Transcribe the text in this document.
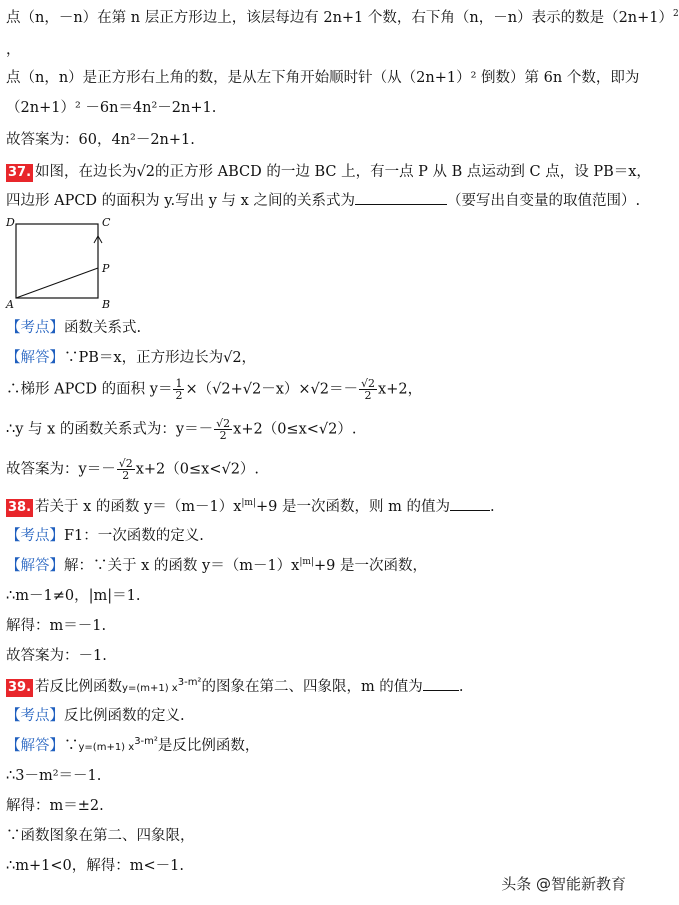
点（n，－n）在第 n 层正方形边上，该层每边有 2n+1 个数，右下角（n，－n）表示的数是$(2n+1)^2$
，
点（n，n）是正方形右上角的数，是从左下角开始顺时针（从（2n+1）² 倒数）第 6n 个数，即为
（2n+1）² －6n＝4n²－2n+1.
故答案为：60，4n²－2n+1.
37. 如图，在边长为√2的正方形 ABCD 的一边 BC 上，有一点 P 从 B 点运动到 C 点，设 PB＝x，
四边形 APCD 的面积为 y.写出 y 与 x 之间的关系式为	（要写出自变量的取值范围）.
D	C
P
A	B
【考点】函数关系式.
【解答】∵PB＝x，正方形边长为√2，
∴梯形 APCD 的面积 $y= \frac{1}{2} \times(√2+√2-x)\times√2=- \frac{√2}{2} x+2$，
∴y 与 x 的函数关系式为：$y=- \frac{√2}{2} x+2(0\le x<√2)$.
故答案为：$y=- \frac{√2}{2} x+2(0\le x<√2)$.
38. 若关于 x 的函数 $y=(m-1)x^{|m|}+9$ 是一次函数，则 m 的值为	.
【考点】F1：一次函数的定义.
【解答】解：∵关于 x 的函数 $y=(m-1)x^{|m|}+9$ 是一次函数，
∴m－1≠0，|m|＝1.
解得：m＝－1.
故答案为：－1.
39. 若反比例函数y=(m+1) $x^{3-m^2}$的图象在第二、四象限，m 的值为 .
【考点】反比例函数的定义.
【解答】∵y=(m+1) $x^{3-m^2}$是反比例函数，
∴3－m²＝－1.
解得：m＝±2.
∵函数图象在第二、四象限，
∴m+1<0，解得：m<－1.
头条 @智能新教育
